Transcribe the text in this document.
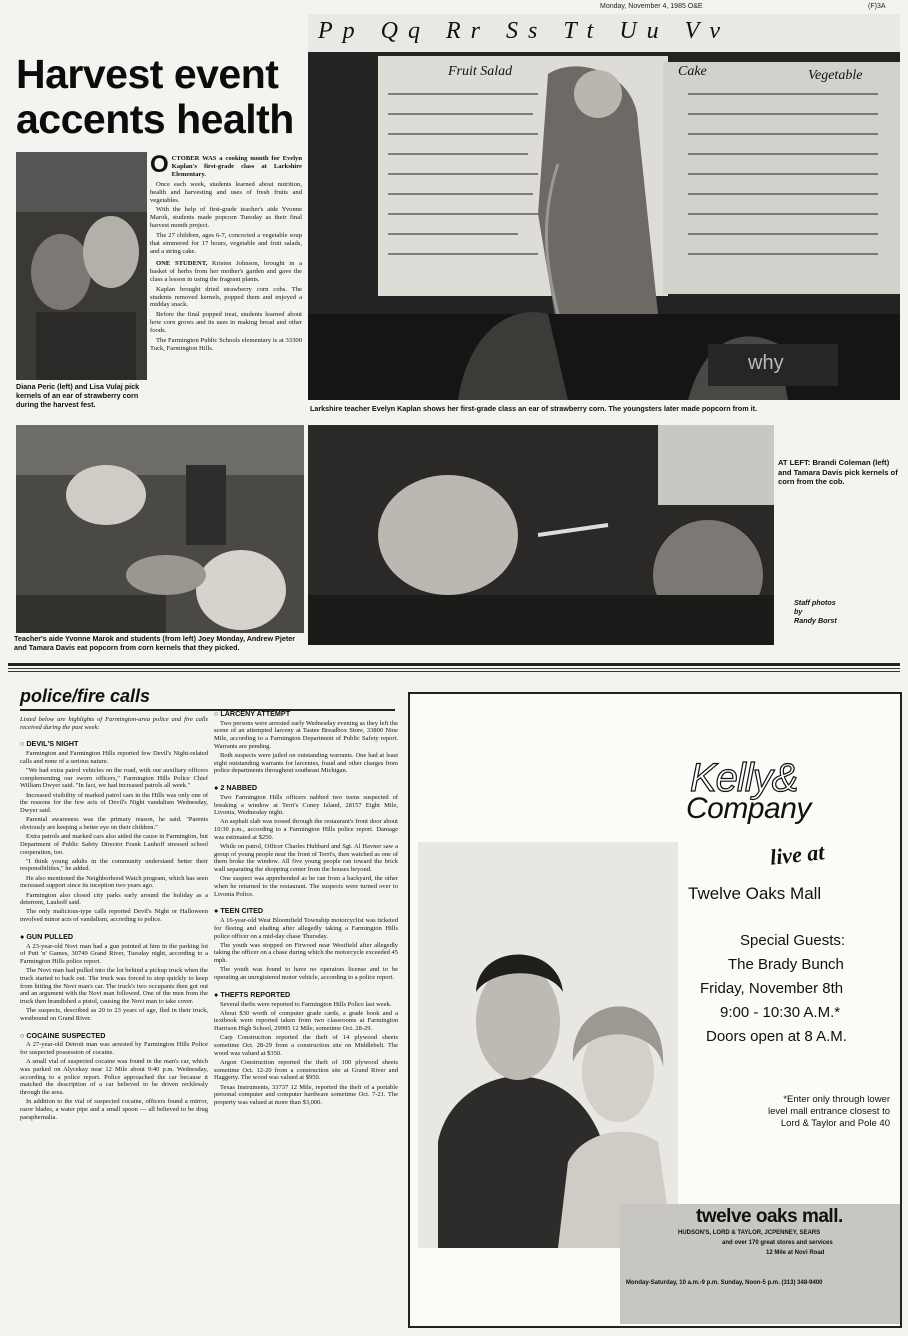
Monday, November 4, 1985 O&E	(F)3A
Harvest event
accents health
Pp Qq Rr Ss Tt Uu Vv
Fruit Salad	Cake	Vegetable
why
Diana Peric (left) and Lisa Vulaj pick kernels of an ear of strawberry corn during the harvest fest.

OCTOBER WAS a cooking month for Evelyn Kaplan's first-grade class at Larkshire Elementary.

Once each week, students learned about nutrition, health and harvesting and uses of fresh fruits and vegetables.

With the help of first-grade teacher's aide Yvonne Marok, students made popcorn Tuesday as their final harvest month project.

The 27 children, ages 6-7, concocted a vegetable soup that simmered for 17 hours, vegetable and fruit salads, and a string cake.

ONE STUDENT, Kristen Johnson, brought in a basket of herbs from her mother's garden and gave the class a lesson in using the fragrant plants.

Kaplan brought dried strawberry corn cobs. The students removed kernels, popped them and enjoyed a midday snack.

Before the final popped treat, students learned about how corn grows and its uses in making bread and other foods.

The Farmington Public Schools elementary is at 33300 Tuck, Farmington Hills.

Larkshire teacher Evelyn Kaplan shows her first-grade class an ear of strawberry corn. The youngsters later made popcorn from it.
Teacher's aide Yvonne Marok and students (from left) Joey Monday, Andrew Pjeter and Tamara Davis eat popcorn from corn kernels that they picked.
AT LEFT: Brandi Coleman (left) and Tamara Davis pick kernels of corn from the cob.
Staff photos
by
Randy Borst
police/fire calls

Listed below are highlights of Farmington-area police and fire calls received during the past week:

○ DEVIL'S NIGHT

Farmington and Farmington Hills reported few Devil's Night-related calls and none of a serious nature.

"We had extra patrol vehicles on the road, with our auxiliary officers complementing our sworn officers," Farmington Hills Police Chief William Dwyer said. "In fact, we had increased patrols all week."

Increased visibility of marked patrol cars in the Hills was only one of the reasons for the few acts of Devil's Night vandalism Wednesday, Dwyer said.

Parental awareness was the primary reason, he said. "Parents obviously are keeping a better eye on their children."

Extra patrols and marked cars also aided the cause in Farmington, but Department of Public Safety Director Frank Lauhoff stressed school cooperation, too.

"I think young adults in the community understand better their responsibilities," he added.

He also mentioned the Neighborhood Watch program, which has seen increased support since its inception two years ago.

Farmington also closed city parks early around the holiday as a deterrent, Lauhoff said.

The only malicious-type calls reported Devil's Night or Halloween involved minor acts of vandalism, according to police.

● GUN PULLED

A 23-year-old Novi man had a gun pointed at him in the parking lot of Putt 'n' Games, 30749 Grand River, Tuesday night, according to a Farmington Hills police report.

The Novi man had pulled into the lot behind a pickup truck when the truck started to back out. The truck was forced to stop quickly to keep from hitting the Novi man's car. The truck's two occupants then got out and an argument with the Novi man followed. One of the men from the truck then brandished a pistol, causing the Novi man to take cover.

The suspects, described as 20 to 23 years of age, fled in their truck, westbound on Grand River.

○ COCAINE SUSPECTED

A 27-year-old Detroit man was arrested by Farmington Hills Police for suspected possession of cocaine.

A small vial of suspected cocaine was found in the man's car, which was parked on Alycekay near 12 Mile about 9:40 p.m. Wednesday, according to a police report. Police approached the car because it matched the description of a car believed to be driven recklessly through the area.

In addition to the vial of suspected cocaine, officers found a mirror, razor blades, a water pipe and a small spoon — all believed to be drug paraphernalia.

○ LARCENY ATTEMPT

Two persons were arrested early Wednesday evening as they left the scene of an attempted larceny at Tastee Breadbox Store, 33800 Nine Mile, according to a Farmington Department of Public Safety report. Warrants are pending.

Both suspects were jailed on outstanding warrants. One had at least eight outstanding warrants for larcenies, fraud and other charges from police departments throughout southeast Michigan.

● 2 NABBED

Two Farmington Hills officers nabbed two teens suspected of breaking a window at Terri's Coney Island, 28157 Eight Mile, Livonia, Wednesday night.

An asphalt slab was tossed through the restaurant's front door about 10:30 p.m., according to a Farmington Hills police report. Damage was estimated at $250.

While on patrol, Officer Charles Hubbard and Sgt. Al Havner saw a group of young people near the front of Terri's, then watched as one of them broke the window. All five young people ran toward the brick wall separating the shopping center from the houses beyond.

One suspect was apprehended as he ran from a backyard, the other when he returned to the restaurant. The suspects were turned over to Livonia Police.

● TEEN CITED

A 16-year-old West Bloomfield Township motorcyclist was ticketed for fleeing and eluding after allegedly taking a Farmington Hills police officer on a mid-day chase Thursday.

The youth was stopped on Firwood near Westfield after allegedly taking the officer on a chase during which the motorcycle exceeded 45 mph.

The youth was found to have no operators license and to be operating an unregistered motor vehicle, according to a police report.

● THEFTS REPORTED

Several thefts were reported to Farmington Hills Police last week.

About $30 worth of computer grade cards, a grade book and a textbook were reported taken from two classrooms at Farmington Harrison High School, 29995 12 Mile, sometime Oct. 28-29.

Carp Construction reported the theft of 14 plywood sheets sometime Oct. 28-29 from a construction site on Middlebelt. The wood was valued at $350.

Argon Construction reported the theft of 100 plywood sheets sometime Oct. 12-20 from a construction site at Grand River and Haggerty. The wood was valued at $950.

Texas Instruments, 33737 12 Mile, reported the theft of a portable personal computer and computer hardware sometime Oct. 7-21. The property was valued at more than $3,000.

Kelly&
Company
live at
Twelve Oaks Mall
Special Guests:
The Brady Bunch
Friday, November 8th
9:00 - 10:30 A.M.*
Doors open at 8 A.M.
*Enter only through lower
level mall entrance closest to
Lord & Taylor and Pole 40
twelve oaks mall.
HUDSON'S, LORD & TAYLOR, JCPENNEY, SEARS
and over 170 great stores and services
12 Mile at Novi Road
Monday-Saturday, 10 a.m.-9 p.m. Sunday, Noon-5 p.m. (313) 348-9400
